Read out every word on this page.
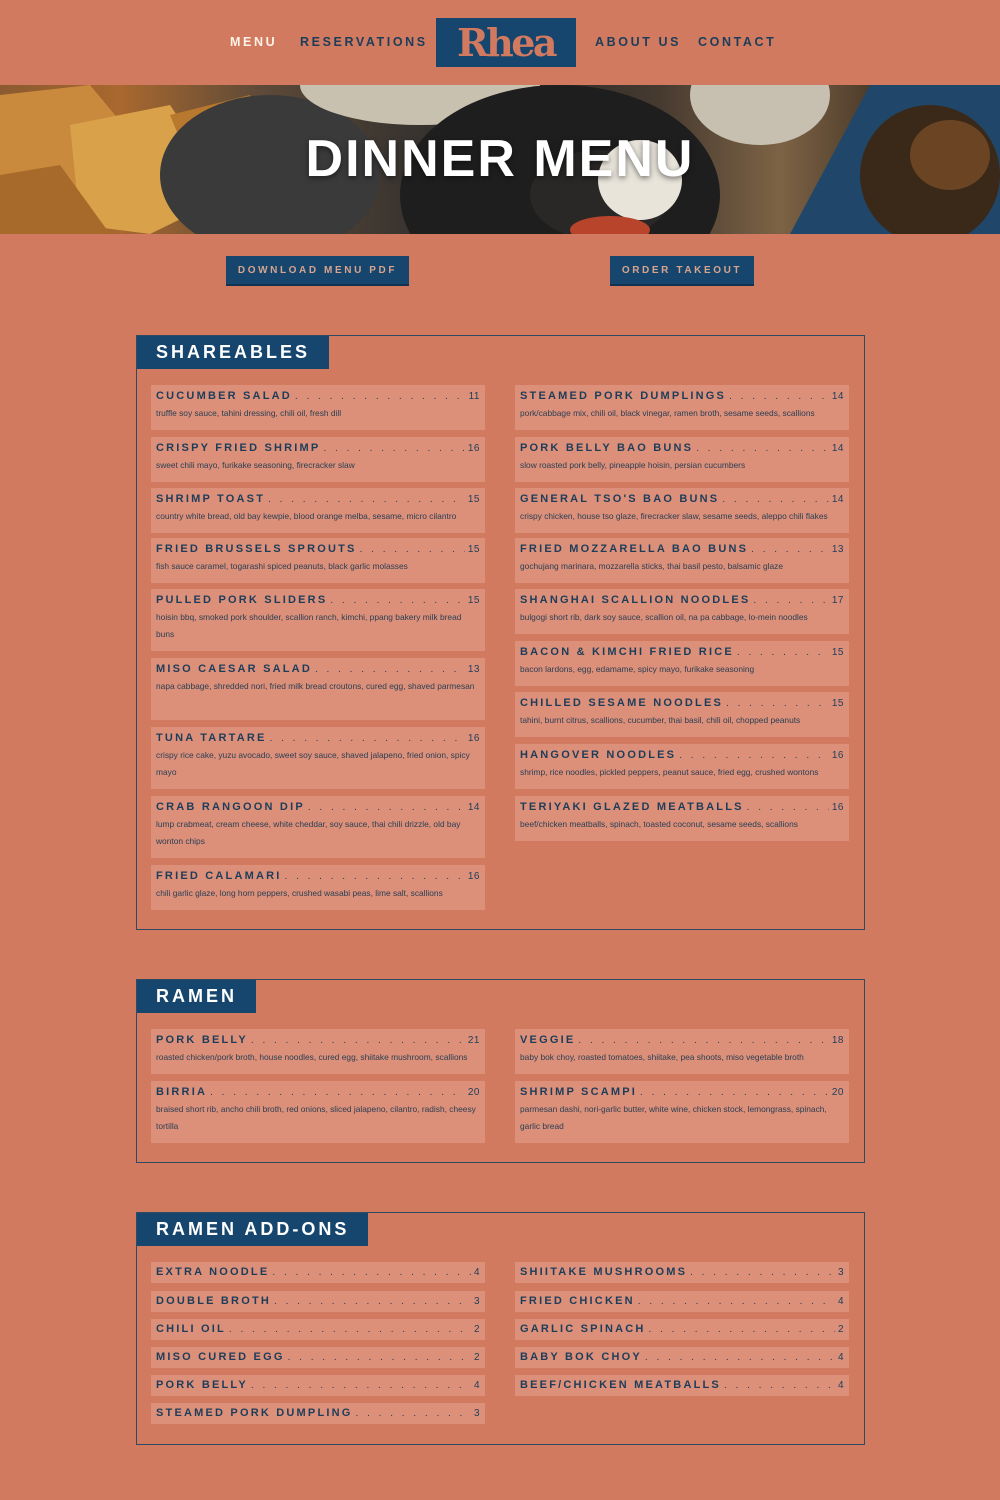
MENU RESERVATIONS Rhea	ABOUT US CONTACT
DINNER MENU
DOWNLOAD MENU PDF	ORDER TAKEOUT
SHAREABLES
CUCUMBER SALAD . . .	11
truffle soy sauce, tahini dressing, chili oil, fresh dill
CRISPY FRIED SHRIMP . . .	16
sweet chili mayo, furikake seasoning, firecracker slaw
SHRIMP TOAST . . .	15
country white bread, old bay kewpie, blood orange melba, sesame, micro cilantro
FRIED BRUSSELS SPROUTS . . .	15
fish sauce caramel, togarashi spiced peanuts, black garlic molasses
PULLED PORK SLIDERS . . .	15
hoisin bbq, smoked pork shoulder, scallion ranch, kimchi, ppang bakery milk bread buns
MISO CAESAR SALAD . . .	13
napa cabbage, shredded nori, fried milk bread croutons, cured egg, shaved parmesan
TUNA TARTARE . . .	16
crispy rice cake, yuzu avocado, sweet soy sauce, shaved jalapeno, fried onion, spicy mayo
CRAB RANGOON DIP . . .	14
lump crabmeat, cream cheese, white cheddar, soy sauce, thai chili drizzle, old bay wonton chips
FRIED CALAMARI . . .	16
chili garlic glaze, long horn peppers, crushed wasabi peas, lime salt, scallions
STEAMED PORK DUMPLINGS . . .	14
pork/cabbage mix, chili oil, black vinegar, ramen broth, sesame seeds, scallions
PORK BELLY BAO BUNS . . .	14
slow roasted pork belly, pineapple hoisin, persian cucumbers
GENERAL TSO'S BAO BUNS . . .	14
crispy chicken, house tso glaze, firecracker slaw, sesame seeds, aleppo chili flakes
FRIED MOZZARELLA BAO BUNS . . .	13
gochujang marinara, mozzarella sticks, thai basil pesto, balsamic glaze
SHANGHAI SCALLION NOODLES . . .	17
bulgogi short rib, dark soy sauce, scallion oil, na pa cabbage, lo-mein noodles
BACON & KIMCHI FRIED RICE . . .	15
bacon lardons, egg, edamame, spicy mayo, furikake seasoning
CHILLED SESAME NOODLES . . .	15
tahini, burnt citrus, scallions, cucumber, thai basil, chili oil, chopped peanuts
HANGOVER NOODLES . . .	16
shrimp, rice noodles, pickled peppers, peanut sauce, fried egg, crushed wontons
TERIYAKI GLAZED MEATBALLS . . .	16
beef/chicken meatballs, spinach, toasted coconut, sesame seeds, scallions
RAMEN
PORK BELLY . . .	21
roasted chicken/pork broth, house noodles, cured egg, shiitake mushroom, scallions
BIRRIA . . .	20
braised short rib, ancho chili broth, red onions, sliced jalapeno, cilantro, radish, cheesy tortilla
VEGGIE . . .	18
baby bok choy, roasted tomatoes, shiitake, pea shoots, miso vegetable broth
SHRIMP SCAMPI . . .	20
parmesan dashi, nori-garlic butter, white wine, chicken stock, lemongrass, spinach, garlic bread
RAMEN ADD-ONS
EXTRA NOODLE . . .	4
DOUBLE BROTH . . .	3
CHILI OIL . . .	2
MISO CURED EGG . . .	2
PORK BELLY . . .	4
STEAMED PORK DUMPLING . . .	3
SHIITAKE MUSHROOMS . . .	3
FRIED CHICKEN . . .	4
GARLIC SPINACH . . .	2
BABY BOK CHOY . . .	4
BEEF/CHICKEN MEATBALLS . . .	4
